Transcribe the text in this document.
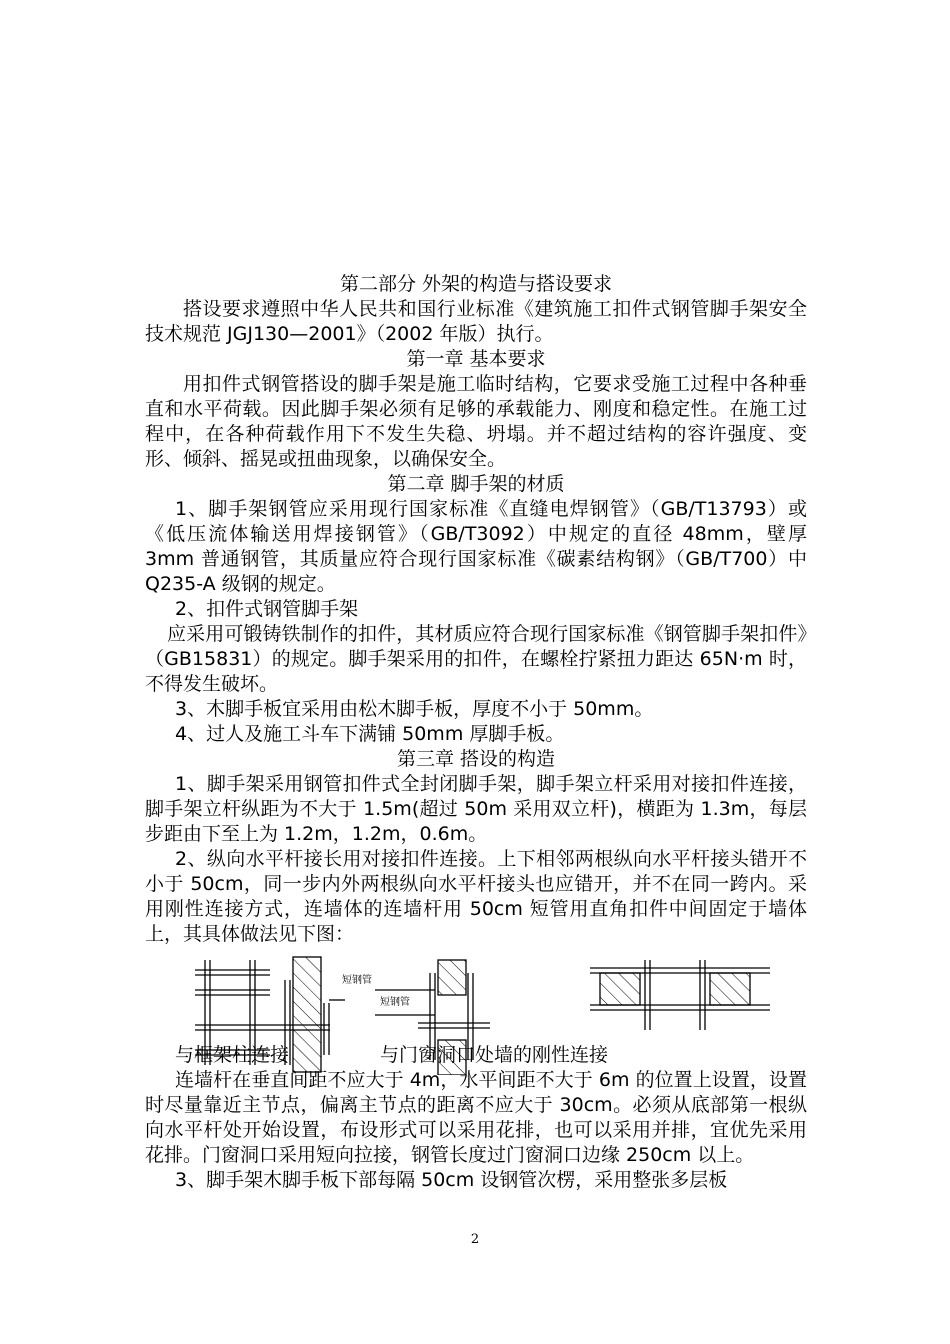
第二部分 外架的构造与搭设要求

搭设要求遵照中华人民共和国行业标准《建筑施工扣件式钢管脚手架安全技术规范 JGJ130—2001》（2002 年版）执行。

第一章 基本要求

用扣件式钢管搭设的脚手架是施工临时结构，它要求受施工过程中各种垂直和水平荷载。因此脚手架必须有足够的承载能力、刚度和稳定性。在施工过程中，在各种荷载作用下不发生失稳、坍塌。并不超过结构的容许强度、变形、倾斜、摇晃或扭曲现象，以确保安全。

第二章 脚手架的材质

1、脚手架钢管应采用现行国家标准《直缝电焊钢管》（GB/T13793）或《低压流体输送用焊接钢管》（GB/T3092）中规定的直径 48mm，壁厚 3mm 普通钢管，其质量应符合现行国家标准《碳素结构钢》（GB/T700）中 Q235-A 级钢的规定。

2、扣件式钢管脚手架

应采用可锻铸铁制作的扣件，其材质应符合现行国家标准《钢管脚手架扣件》（GB15831）的规定。脚手架采用的扣件，在螺栓拧紧扭力距达 65N·m 时，不得发生破坏。

3、木脚手板宜采用由松木脚手板，厚度不小于 50mm。

4、过人及施工斗车下满铺 50mm 厚脚手板。

第三章 搭设的构造

1、脚手架采用钢管扣件式全封闭脚手架，脚手架立杆采用对接扣件连接，脚手架立杆纵距为不大于 1.5m(超过 50m 采用双立杆)，横距为 1.3m，每层步距由下至上为 1.2m，1.2m，0.6m。

2、纵向水平杆接长用对接扣件连接。上下相邻两根纵向水平杆接头错开不小于 50cm，同一步内外两根纵向水平杆接头也应错开，并不在同一跨内。采用刚性连接方式，连墙体的连墙杆用 50cm 短管用直角扣件中间固定于墙体上，其具体做法见下图：

短钢管
短钢管
与框架柱连接	与门窗洞口处墙的刚性连接

连墙杆在垂直间距不应大于 4m，水平间距不大于 6m 的位置上设置，设置时尽量靠近主节点，偏离主节点的距离不应大于 30cm。必须从底部第一根纵向水平杆处开始设置，布设形式可以采用花排，也可以采用并排，宜优先采用花排。门窗洞口采用短向拉接，钢管长度过门窗洞口边缘 250cm 以上。

3、脚手架木脚手板下部每隔 50cm 设钢管次楞，采用整张多层板

2
